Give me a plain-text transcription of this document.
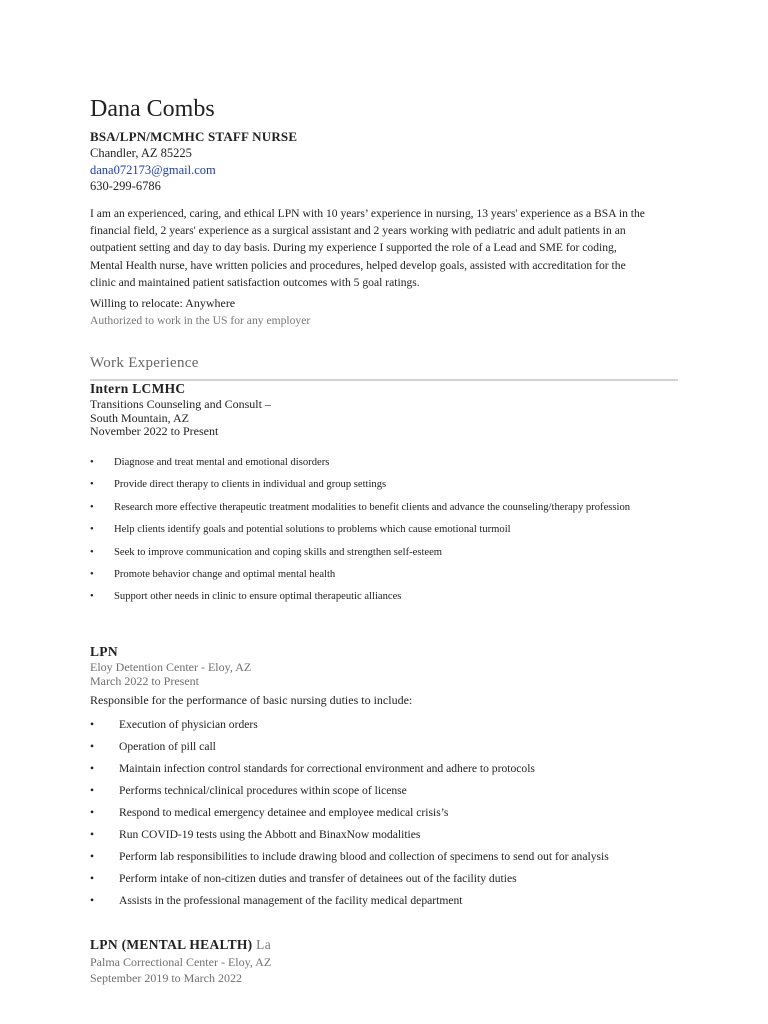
Dana Combs
BSA/LPN/MCMHC STAFF NURSE
Chandler, AZ 85225
dana072173@gmail.com
630-299-6786
I am an experienced, caring, and ethical LPN with 10 years’ experience in nursing, 13 years' experience as a BSA in the financial field, 2 years' experience as a surgical assistant and 2 years working with pediatric and adult patients in an outpatient setting and day to day basis. During my experience I supported the role of a Lead and SME for coding, Mental Health nurse, have written policies and procedures, helped develop goals, assisted with accreditation for the clinic and maintained patient satisfaction outcomes with 5 goal ratings.
Willing to relocate: Anywhere
Authorized to work in the US for any employer
Work Experience
Intern LCMHC
Transitions Counseling and Consult –
South Mountain, AZ
November 2022 to Present
• Diagnose and treat mental and emotional disorders
• Provide direct therapy to clients in individual and group settings
• Research more effective therapeutic treatment modalities to benefit clients and advance the counseling/therapy profession
• Help clients identify goals and potential solutions to problems which cause emotional turmoil
• Seek to improve communication and coping skills and strengthen self-esteem
• Promote behavior change and optimal mental health
• Support other needs in clinic to ensure optimal therapeutic alliances
LPN
Eloy Detention Center - Eloy, AZ
March 2022 to Present
Responsible for the performance of basic nursing duties to include:
• Execution of physician orders
• Operation of pill call
• Maintain infection control standards for correctional environment and adhere to protocols
• Performs technical/clinical procedures within scope of license
• Respond to medical emergency detainee and employee medical crisis’s
• Run COVID-19 tests using the Abbott and BinaxNow modalities
• Perform lab responsibilities to include drawing blood and collection of specimens to send out for analysis
• Perform intake of non-citizen duties and transfer of detainees out of the facility duties
• Assists in the professional management of the facility medical department
LPN (MENTAL HEALTH) La
Palma Correctional Center - Eloy, AZ
September 2019 to March 2022
